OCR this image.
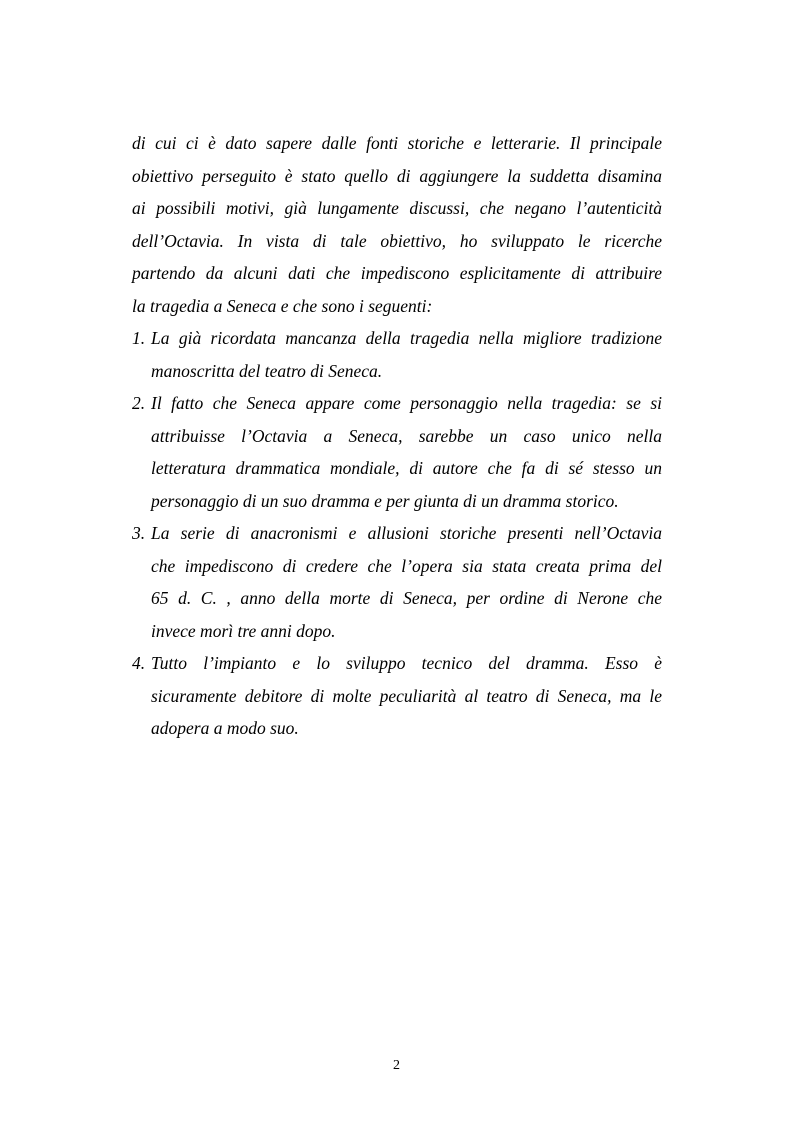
di cui ci è dato sapere dalle fonti storiche e letterarie. Il principale
obiettivo perseguito è stato quello di aggiungere la suddetta disamina
ai possibili motivi, già lungamente discussi, che negano l’autenticità
dell’Octavia. In vista di tale obiettivo, ho sviluppato le ricerche
partendo da alcuni dati che impediscono esplicitamente di attribuire
la tragedia a Seneca e che sono i seguenti:

1. La già ricordata mancanza della tragedia nella migliore tradizione
manoscritta del teatro di Seneca.
2. Il fatto che Seneca appare come personaggio nella tragedia: se si
attribuisse l’Octavia a Seneca, sarebbe un caso unico nella
letteratura drammatica mondiale, di autore che fa di sé stesso un
personaggio di un suo dramma e per giunta di un dramma storico.
3. La serie di anacronismi e allusioni storiche presenti nell’Octavia
che impediscono di credere che l’opera sia stata creata prima del
65 d. C. , anno della morte di Seneca, per ordine di Nerone che
invece morì tre anni dopo.
4. Tutto l’impianto e lo sviluppo tecnico del dramma. Esso è
sicuramente debitore di molte peculiarità al teatro di Seneca, ma le
adopera a modo suo.
2
